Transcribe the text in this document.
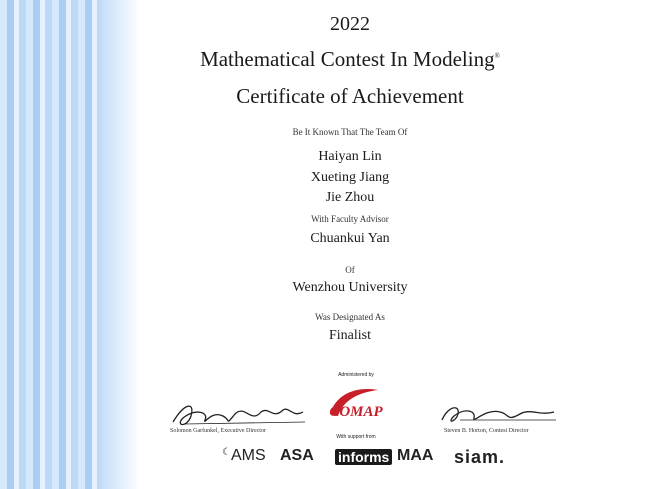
2022
Mathematical Contest In Modeling®
Certificate of Achievement
Be It Known That The Team Of
Haiyan Lin
Xueting Jiang
Jie Zhou
With Faculty Advisor
Chuankui Yan
Of
Wenzhou University
Was Designated As
Finalist
Solomon Garfunkel, Executive Director
Administered by
COMAP
With support from
Steven B. Horton, Contest Director
☾AMS ASA informs MAA siam.
